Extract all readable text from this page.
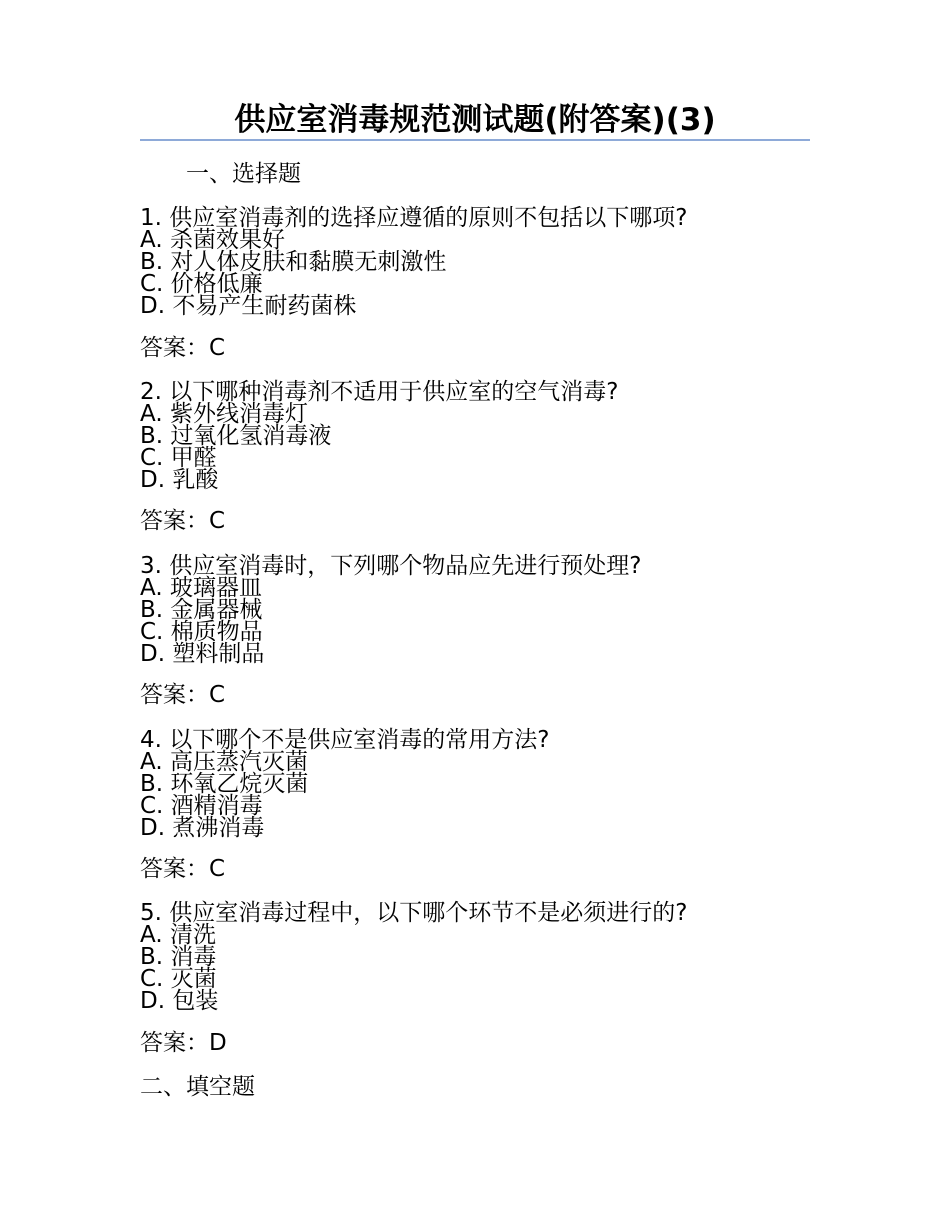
供应室消毒规范测试题(附答案)(3)

一、选择题

1. 供应室消毒剂的选择应遵循的原则不包括以下哪项?

A. 杀菌效果好

B. 对人体皮肤和黏膜无刺激性

C. 价格低廉

D. 不易产生耐药菌株

答案：C

2. 以下哪种消毒剂不适用于供应室的空气消毒?

A. 紫外线消毒灯

B. 过氧化氢消毒液

C. 甲醛

D. 乳酸

答案：C

3. 供应室消毒时，下列哪个物品应先进行预处理?

A. 玻璃器皿

B. 金属器械

C. 棉质物品

D. 塑料制品

答案：C

4. 以下哪个不是供应室消毒的常用方法?

A. 高压蒸汽灭菌

B. 环氧乙烷灭菌

C. 酒精消毒

D. 煮沸消毒

答案：C

5. 供应室消毒过程中，以下哪个环节不是必须进行的?

A. 清洗

B. 消毒

C. 灭菌

D. 包装

答案：D

二、填空题
